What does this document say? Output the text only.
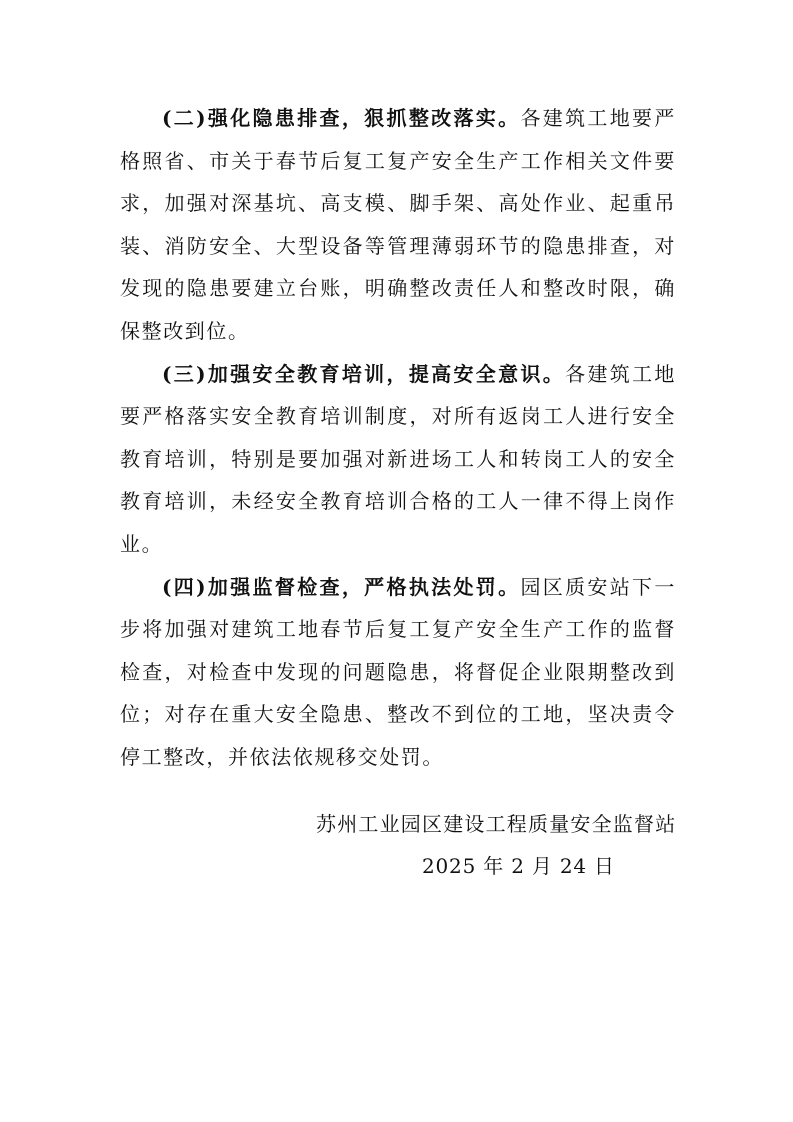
(二)强化隐患排查，狠抓整改落实。各建筑工地要严格照省、市关于春节后复工复产安全生产工作相关文件要求，加强对深基坑、高支模、脚手架、高处作业、起重吊装、消防安全、大型设备等管理薄弱环节的隐患排查，对发现的隐患要建立台账，明确整改责任人和整改时限，确保整改到位。

(三)加强安全教育培训，提高安全意识。各建筑工地要严格落实安全教育培训制度，对所有返岗工人进行安全教育培训，特别是要加强对新进场工人和转岗工人的安全教育培训，未经安全教育培训合格的工人一律不得上岗作业。

(四)加强监督检查，严格执法处罚。园区质安站下一步将加强对建筑工地春节后复工复产安全生产工作的监督检查，对检查中发现的问题隐患，将督促企业限期整改到位；对存在重大安全隐患、整改不到位的工地，坚决责令停工整改，并依法依规移交处罚。

苏州工业园区建设工程质量安全监督站
2025 年 2 月 24 日
